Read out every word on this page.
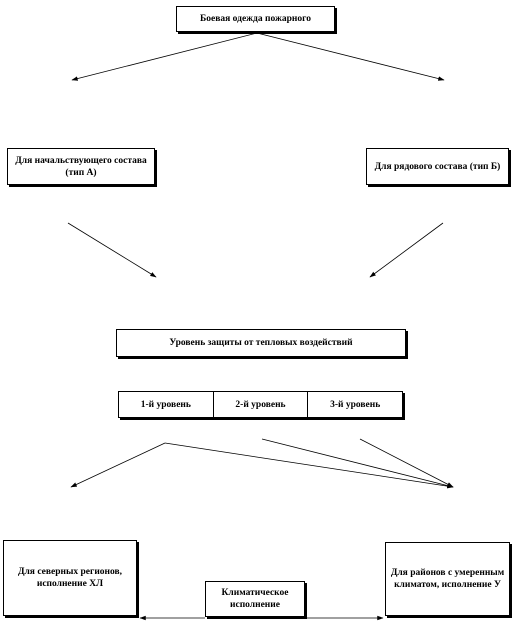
Боевая одежда пожарного
Для начальствующего состава (тип А)
Для рядового состава (тип Б)
Уровень защиты от тепловых воздействий
1-й уровень	2-й уровень	3-й уровень
Для северных регионов, исполнение ХЛ
Климатическое исполнение
Для районов с умеренным климатом, исполнение У
